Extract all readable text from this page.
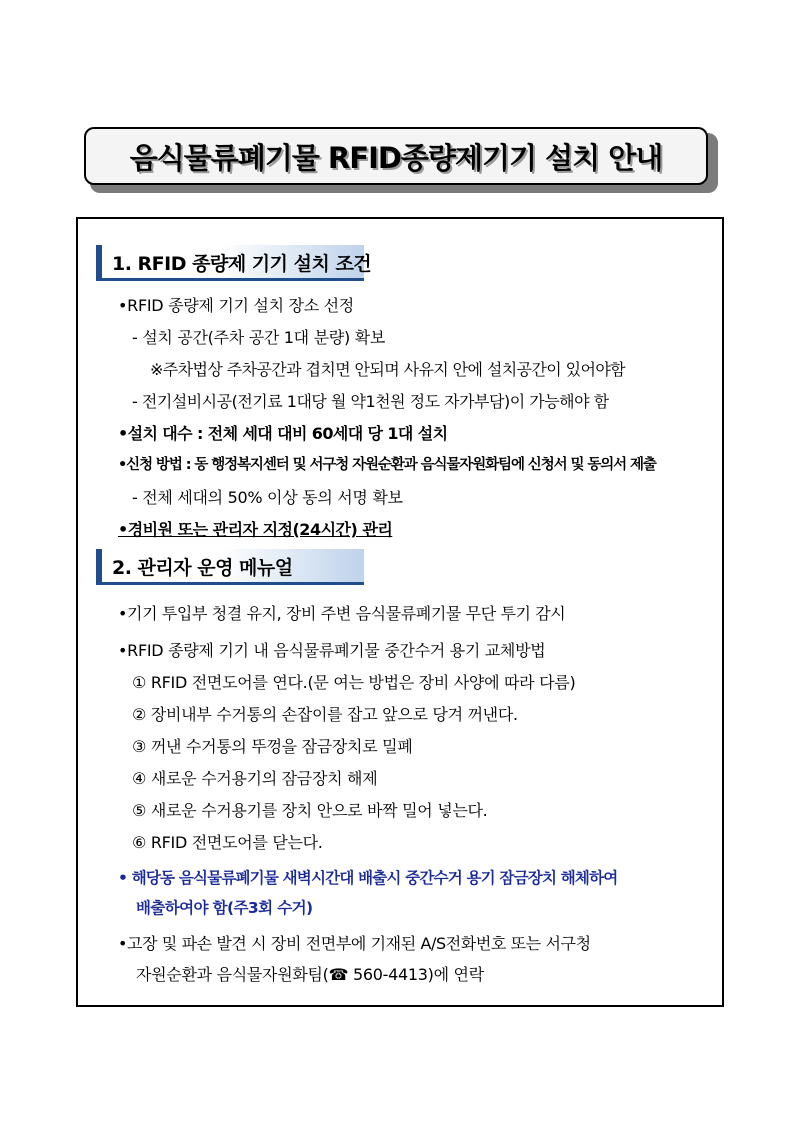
음식물류폐기물 RFID종량제기기 설치 안내
1. RFID 종량제 기기 설치 조건
•RFID 종량제 기기 설치 장소 선정
- 설치 공간(주차 공간 1대 분량) 확보
※주차법상 주차공간과 겹치면 안되며 사유지 안에 설치공간이 있어야함
- 전기설비시공(전기료 1대당 월 약1천원 정도 자가부담)이 가능해야 함
•설치 대수 : 전체 세대 대비 60세대 당 1대 설치
•신청 방법 : 동 행정복지센터 및 서구청 자원순환과 음식물자원화팀에 신청서 및 동의서 제출
- 전체 세대의 50% 이상 동의 서명 확보
•경비원 또는 관리자 지정(24시간) 관리
2. 관리자 운영 메뉴얼
•기기 투입부 청결 유지, 장비 주변 음식물류폐기물 무단 투기 감시
•RFID 종량제 기기 내 음식물류폐기물 중간수거 용기 교체방법
① RFID 전면도어를 연다.(문 여는 방법은 장비 사양에 따라 다름)
② 장비내부 수거통의 손잡이를 잡고 앞으로 당겨 꺼낸다.
③ 꺼낸 수거통의 뚜껑을 잠금장치로 밀폐
④ 새로운 수거용기의 잠금장치 해제
⑤ 새로운 수거용기를 장치 안으로 바짝 밀어 넣는다.
⑥ RFID 전면도어를 닫는다.
• 해당동 음식물류폐기물 새벽시간대 배출시 중간수거 용기 잠금장치 해체하여
배출하여야 함(주3회 수거)
•고장 및 파손 발견 시 장비 전면부에 기재된 A/S전화번호 또는 서구청
자원순환과 음식물자원화팀(☎ 560-4413)에 연락
